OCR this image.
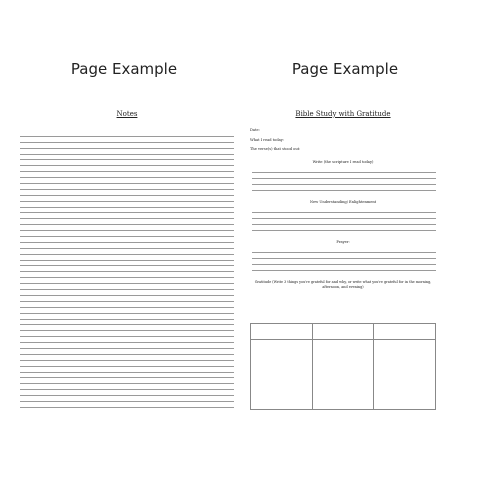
Page Example	Page Example
Notes	Bible Study with Gratitude
Date:
What I read today:
The verse(s) that stood out:
Write (the scripture I read today)
New Understanding/ Enlightenment
Prayer:
Gratitude (Write 3 things you're grateful for and why, or write what you're grateful for in the morning, afternoon, and evening)
